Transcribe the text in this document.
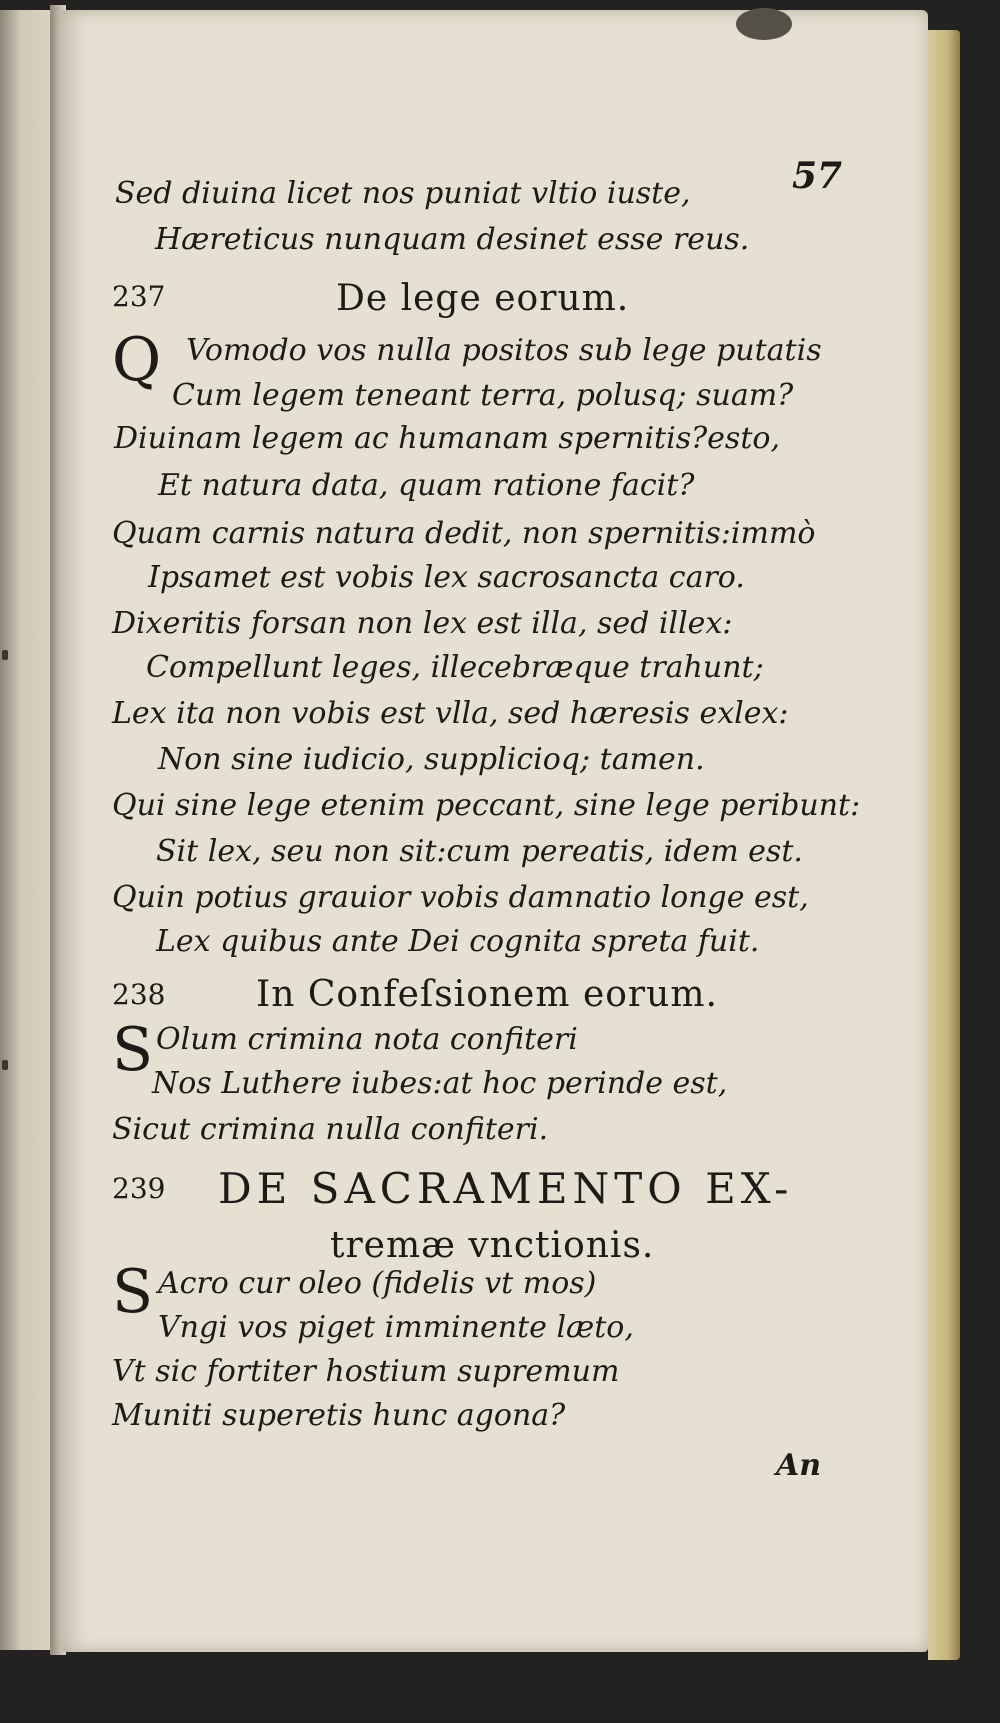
57
Sed diuina licet nos puniat vltio iuste,
Hæreticus nunquam desinet esse reus.
237	De lege eorum.
Q Vomodo vos nulla positos sub lege putatis
Cum legem teneant terra, polusq; suam?
Diuinam legem ac humanam spernitis?esto,
Et natura data, quam ratione facit?
Quam carnis natura dedit, non spernitis:immò
Ipsamet est vobis lex sacrosancta caro.
Dixeritis forsan non lex est illa, sed illex:
Compellunt leges, illecebræque trahunt;
Lex ita non vobis est vlla, sed hæresis exlex:
Non sine iudicio, supplicioq; tamen.
Qui sine lege etenim peccant, sine lege peribunt:
Sit lex, seu non sit:cum pereatis, idem est.
Quin potius grauior vobis damnatio longe est,
Lex quibus ante Dei cognita spreta fuit.
238	In Confeſsionem eorum.
S Olum crimina nota confiteri
Nos Luthere iubes:at hoc perinde est,
Sicut crimina nulla confiteri.
239 DE SACRAMENTO EX-
tremæ vnctionis.
S Acro cur oleo (fidelis vt mos)
Vngi vos piget imminente læto,
Vt sic fortiter hostium supremum
Muniti superetis hunc agona?
An
